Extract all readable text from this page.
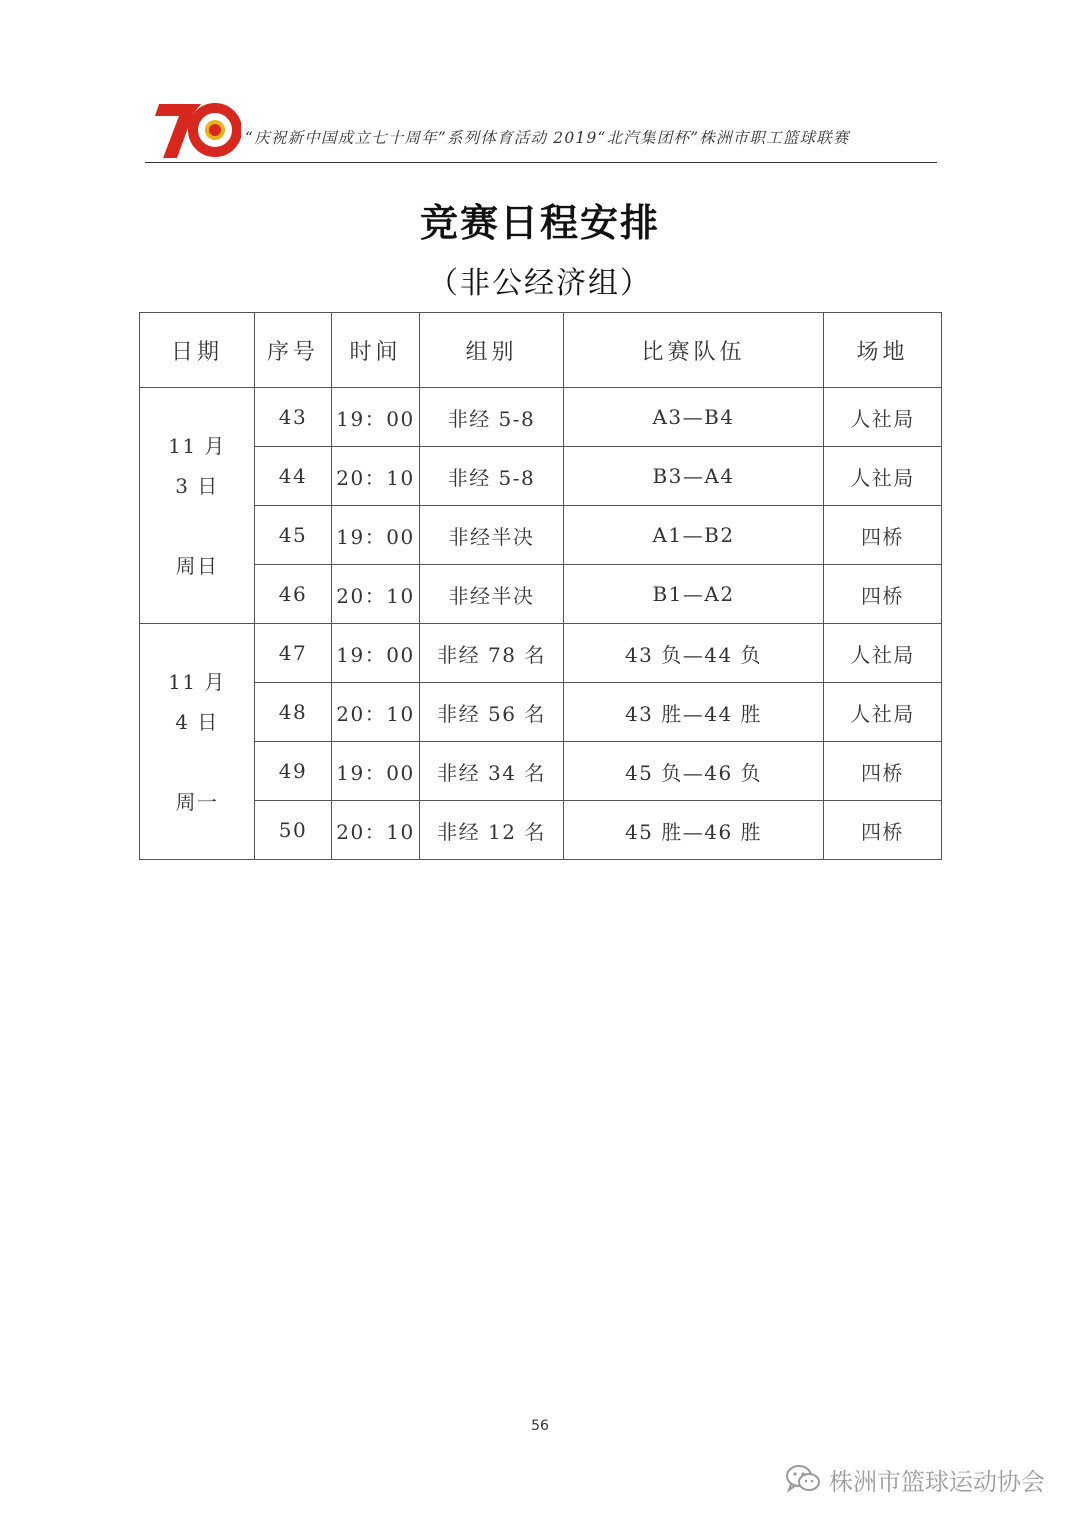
“庆祝新中国成立七十周年”系列体育活动 2019“北汽集团杯”株洲市职工篮球联赛
竞赛日程安排
（非公经济组）
日期	序号	时间	组别	比赛队伍	场地

11 月
3 日
周日	43	19：00	非经 5-8	A3—B4	人社局
	44	20：10	非经 5-8	B3—A4	人社局
	45	19：00	非经半决	A1—B2	四桥
	46	20：10	非经半决	B1—A2	四桥

11 月
4 日
周一	47	19：00	非经 78 名	43 负—44 负	人社局
	48	20：10	非经 56 名	43 胜—44 胜	人社局
	49	19：00	非经 34 名	45 负—46 负	四桥
	50	20：10	非经 12 名	45 胜—46 胜	四桥
56
株洲市篮球运动协会
